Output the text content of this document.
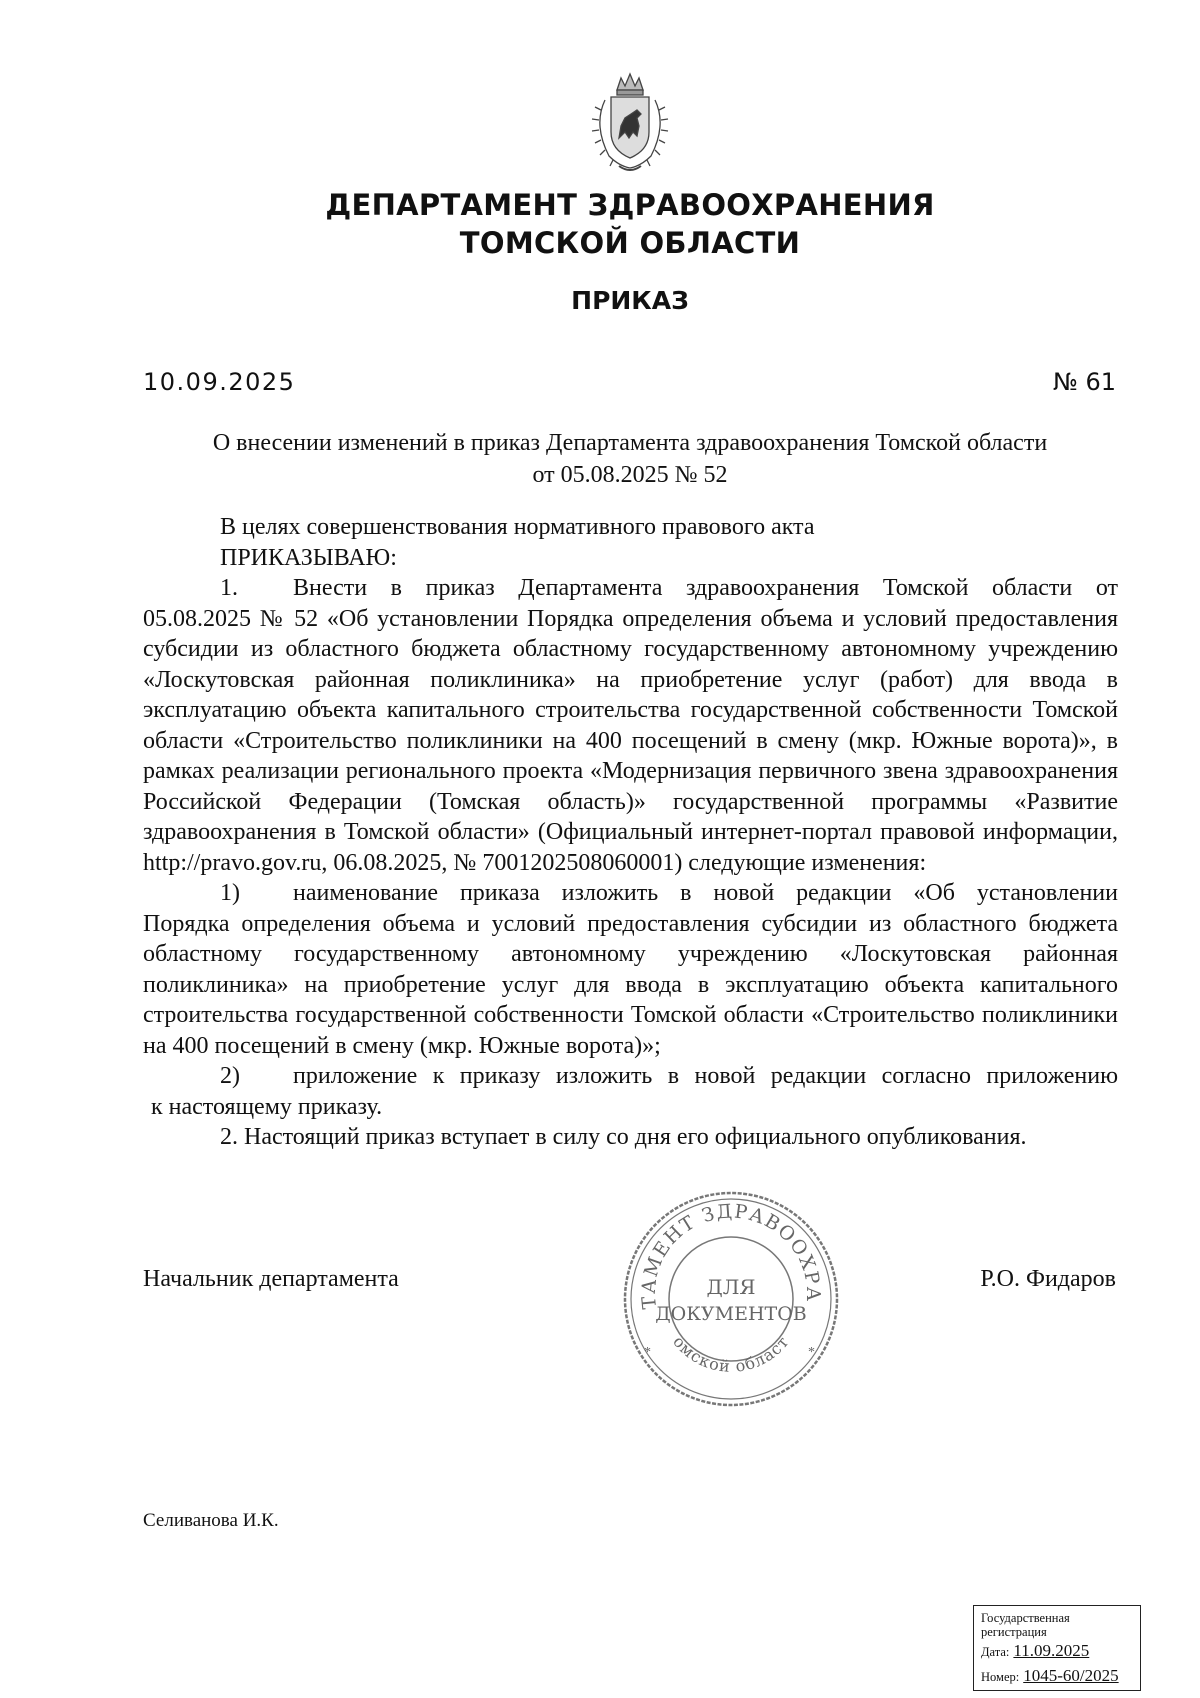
ДЕПАРТАМЕНТ ЗДРАВООХРАНЕНИЯ
ТОМСКОЙ ОБЛАСТИ
ПРИКАЗ
10.09.2025	№ 61
О внесении изменений в приказ Департамента здравоохранения Томской области
от 05.08.2025 № 52

В целях совершенствования нормативного правового акта

ПРИКАЗЫВАЮ:

1. Внести в приказ Департамента здравоохранения Томской области от

05.08.2025 № 52 «Об установлении Порядка определения объема и условий предоставления субсидии из областного бюджета областному государственному автономному учреждению «Лоскутовская районная поликлиника» на приобретение услуг (работ) для ввода в эксплуатацию объекта капитального строительства государственной собственности Томской области «Строительство поликлиники на 400 посещений в смену (мкр. Южные ворота)», в рамках реализации регионального проекта «Модернизация первичного звена здравоохранения Российской Федерации (Томская область)» государственной программы «Развитие здравоохранения в Томской области» (Официальный интернет-портал правовой информации, http://pravo.gov.ru, 06.08.2025, № 7001202508060001) следующие изменения:

1) наименование приказа изложить в новой редакции «Об установлении

Порядка определения объема и условий предоставления субсидии из областного бюджета областному государственному автономному учреждению «Лоскутовская районная поликлиника» на приобретение услуг для ввода в эксплуатацию объекта капитального строительства государственной собственности Томской области «Строительство поликлиники на 400 посещений в смену (мкр. Южные ворота)»;

2) приложение к приказу изложить в новой редакции согласно приложению

к настоящему приказу.

2. Настоящий приказ вступает в силу со дня его официального опубликования.

Начальник департамента	Р.О. Фидаров
ТАМЕНТ ЗДРАВООХРА
омской област
*	*
ДЛЯ
ДОКУМЕНТОВ
Селиванова И.К.
Государственная регистрация
Дата: 11.09.2025
Номер: 1045-60/2025
